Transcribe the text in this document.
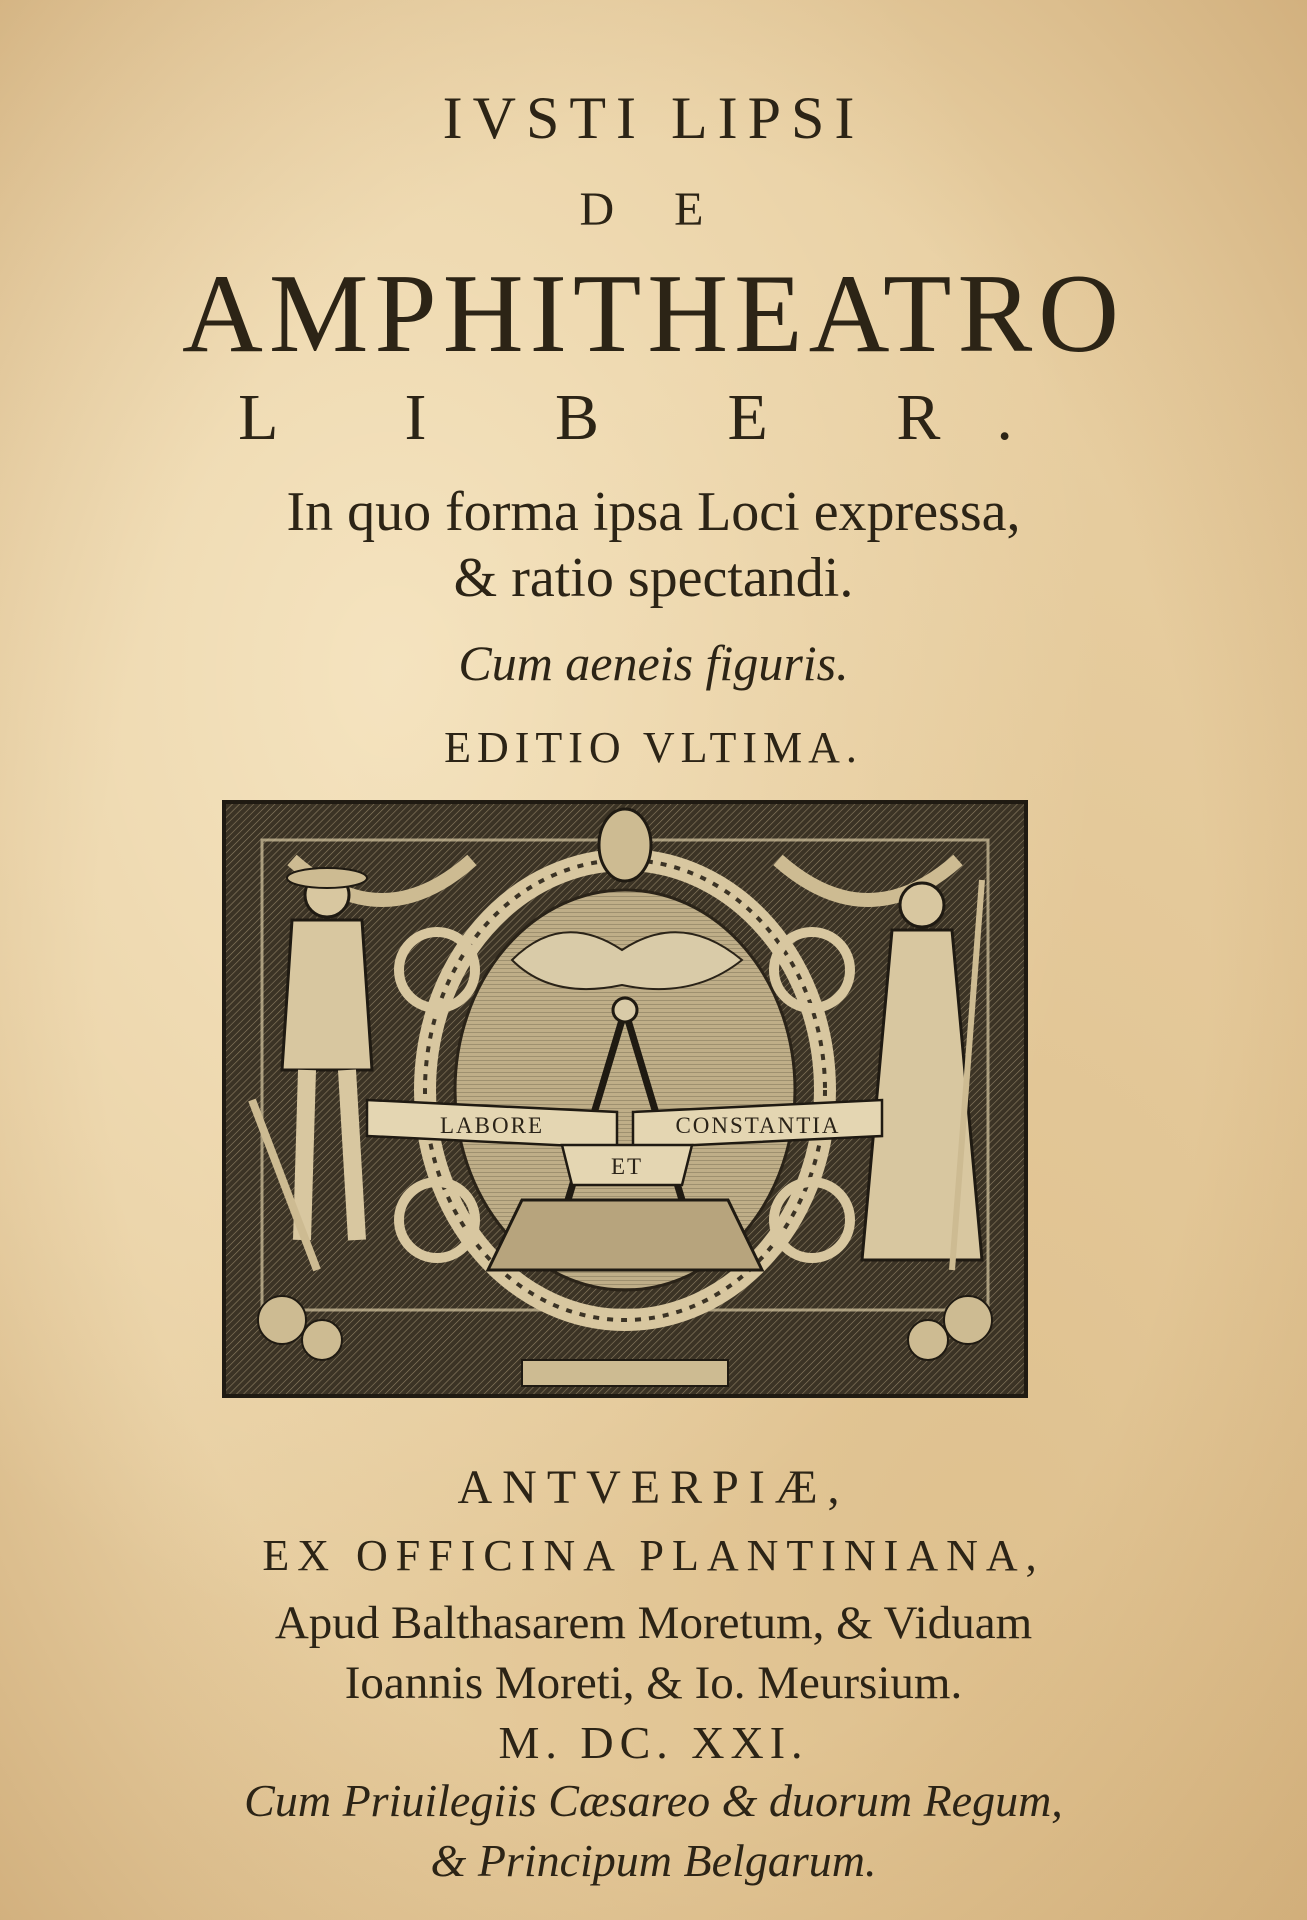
IVSTI LIPSI
D E
AMPHITHEATRO
L I B E R.
In quo forma ipsa Loci expressa,
& ratio spectandi.
Cum aeneis figuris.
EDITIO VLTIMA.
LABORE	CONSTANTIA
ET
ANTVERPIÆ,
EX OFFICINA PLANTINIANA,
Apud Balthasarem Moretum, & Viduam
Ioannis Moreti, & Io. Meursium.
M. DC. XXI.
Cum Priuilegiis Cæsareo & duorum Regum,
& Principum Belgarum.
